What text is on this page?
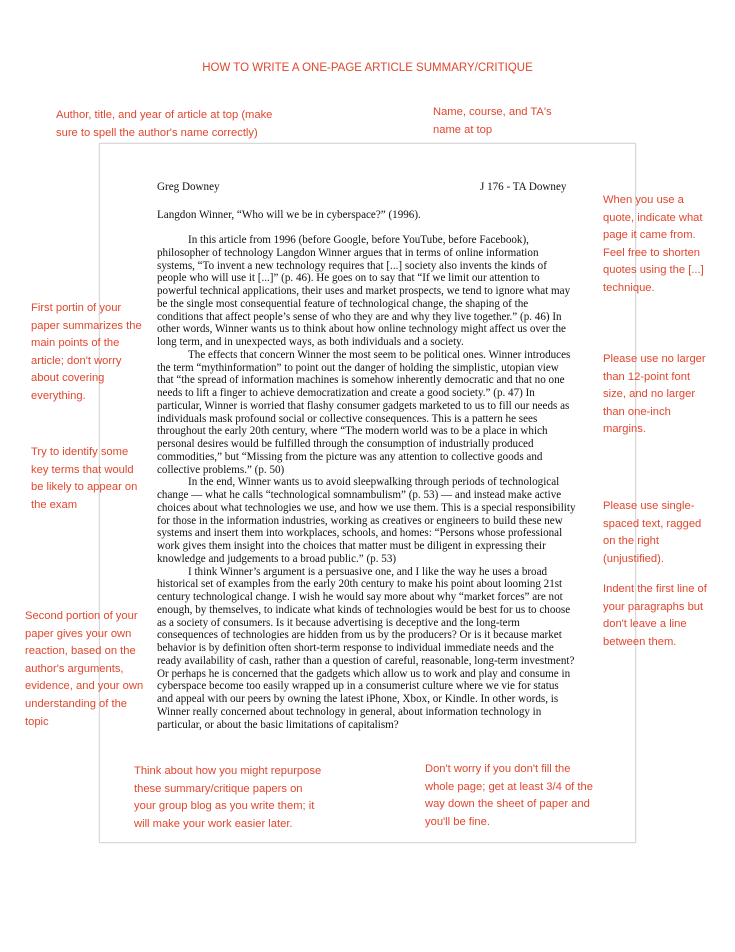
HOW TO WRITE A ONE-PAGE ARTICLE SUMMARY/CRITIQUE
Author, title, and year of article at top (make sure to spell the author's name correctly)
Name, course, and TA's name at top
Greg Downey	J 176 - TA Downey
Langdon Winner, “Who will we be in cyberspace?” (1996).

In this article from 1996 (before Google, before YouTube, before Facebook), philosopher of technology Langdon Winner argues that in terms of online information systems, “To invent a new technology requires that [...] society also invents the kinds of people who will use it [...]” (p. 46). He goes on to say that “If we limit our attention to powerful technical applications, their uses and market prospects, we tend to ignore what may be the single most consequential feature of technological change, the shaping of the conditions that affect people’s sense of who they are and why they live together.” (p. 46) In other words, Winner wants us to think about how online technology might affect us over the long term, and in unexpected ways, as both individuals and a society.

The effects that concern Winner the most seem to be political ones. Winner introduces the term “mythinformation” to point out the danger of holding the simplistic, utopian view that “the spread of information machines is somehow inherently democratic and that no one needs to lift a finger to achieve democratization and create a good society.” (p. 47) In particular, Winner is worried that flashy consumer gadgets marketed to us to fill our needs as individuals mask profound social or collective consequences. This is a pattern he sees throughout the early 20th century, where “The modern world was to be a place in which personal desires would be fulfilled through the consumption of industrially produced commodities,” but “Missing from the picture was any attention to collective goods and collective problems.” (p. 50)

In the end, Winner wants us to avoid sleepwalking through periods of technological change — what he calls “technological somnambulism” (p. 53) — and instead make active choices about what technologies we use, and how we use them. This is a special responsibility for those in the information industries, working as creatives or engineers to build these new systems and insert them into workplaces, schools, and homes: “Persons whose professional work gives them insight into the choices that matter must be diligent in expressing their knowledge and judgements to a broad public.” (p. 53)

I think Winner’s argument is a persuasive one, and I like the way he uses a broad historical set of examples from the early 20th century to make his point about looming 21st century technological change. I wish he would say more about why “market forces” are not enough, by themselves, to indicate what kinds of technologies would be best for us to choose as a society of consumers. Is it because advertising is deceptive and the long-term consequences of technologies are hidden from us by the producers? Or is it because market behavior is by definition often short-term response to individual immediate needs and the ready availability of cash, rather than a question of careful, reasonable, long-term investment? Or perhaps he is concerned that the gadgets which allow us to work and play and consume in cyberspace become too easily wrapped up in a consumerist culture where we vie for status and appeal with our peers by owning the latest iPhone, Xbox, or Kindle. In other words, is Winner really concerned about technology in general, about information technology in particular, or about the basic limitations of capitalism?

When you use a quote, indicate what page it came from. Feel free to shorten quotes using the [...] technique.
First portin of your paper summarizes the main points of the article; don't worry about covering everything.
Please use no larger than 12-point font size, and no larger than one-inch margins.
Try to identify some key terms that would be likely to appear on the exam	Please use single-spaced text, ragged on the right (unjustified).
Indent the first line of your paragraphs but don't leave a line between them.
Second portion of your paper gives your own reaction, based on the author's arguments, evidence, and your own understanding of the topic
Think about how you might repurpose these summary/critique papers on your group blog as you write them; it will make your work easier later.
Don't worry if you don't fill the whole page; get at least 3/4 of the way down the sheet of paper and you'll be fine.
